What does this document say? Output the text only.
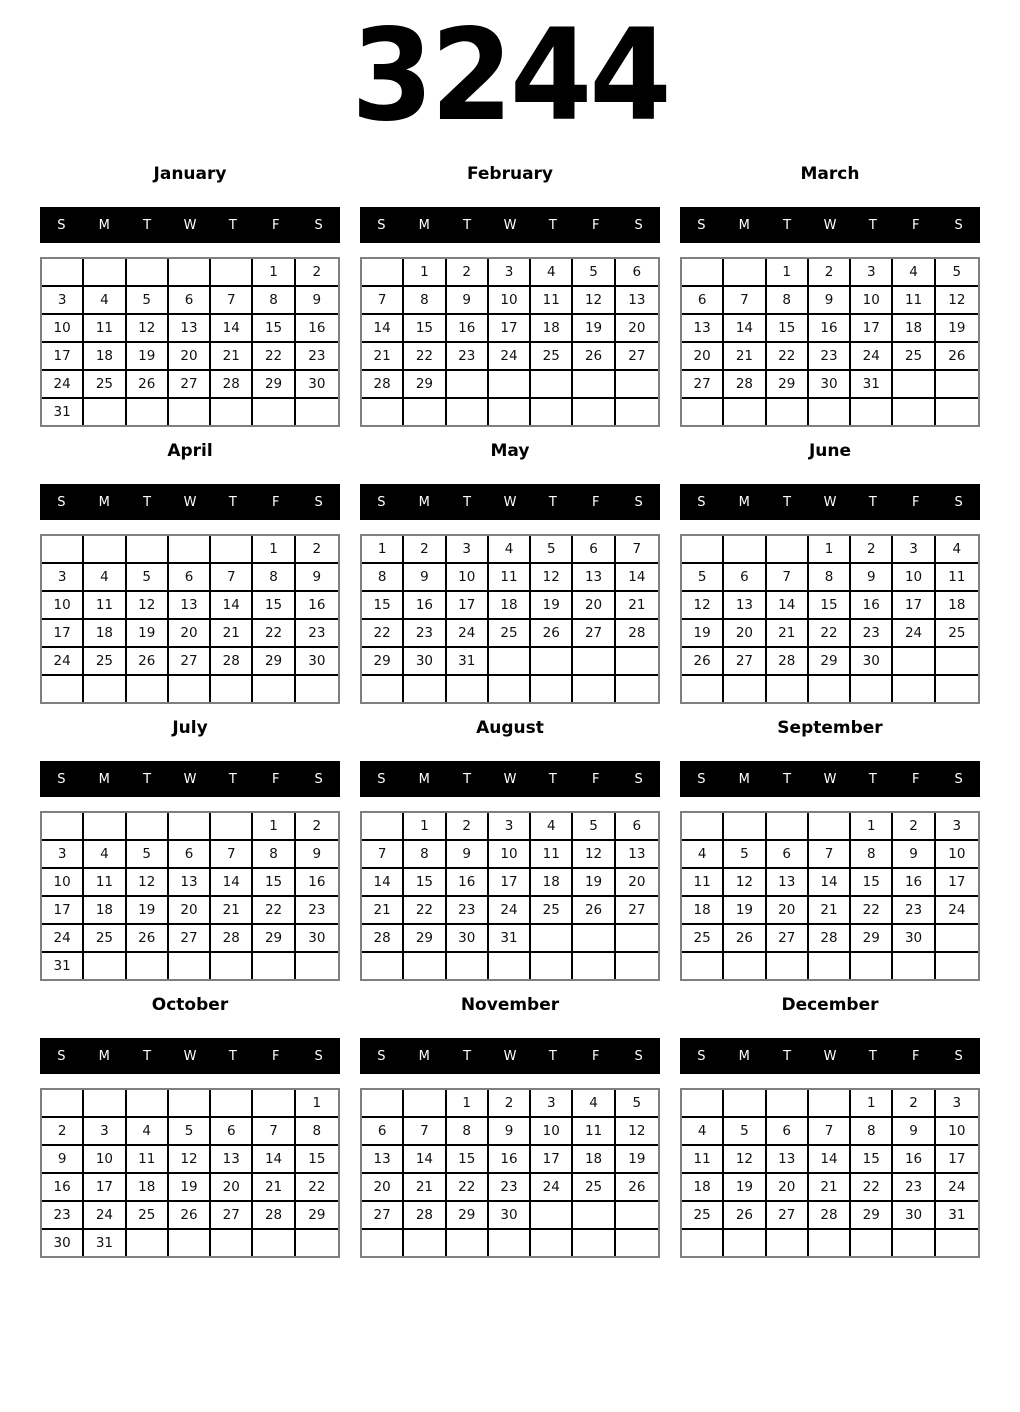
3244
January
S	M	T	W	T	F	S
					1	2
3	4	5	6	7	8	9
10	11	12	13	14	15	16
17	18	19	20	21	22	23
24	25	26	27	28	29	30
31						
February
S	M	T	W	T	F	S
	1	2	3	4	5	6
7	8	9	10	11	12	13
14	15	16	17	18	19	20
21	22	23	24	25	26	27
28	29					

March
S	M	T	W	T	F	S
		1	2	3	4	5
6	7	8	9	10	11	12
13	14	15	16	17	18	19
20	21	22	23	24	25	26
27	28	29	30	31		

April
S	M	T	W	T	F	S
					1	2
3	4	5	6	7	8	9
10	11	12	13	14	15	16
17	18	19	20	21	22	23
24	25	26	27	28	29	30

May
S	M	T	W	T	F	S
1	2	3	4	5	6	7
8	9	10	11	12	13	14
15	16	17	18	19	20	21
22	23	24	25	26	27	28
29	30	31				

June
S	M	T	W	T	F	S
			1	2	3	4
5	6	7	8	9	10	11
12	13	14	15	16	17	18
19	20	21	22	23	24	25
26	27	28	29	30		

July
S	M	T	W	T	F	S
					1	2
3	4	5	6	7	8	9
10	11	12	13	14	15	16
17	18	19	20	21	22	23
24	25	26	27	28	29	30
31						
August
S	M	T	W	T	F	S
	1	2	3	4	5	6
7	8	9	10	11	12	13
14	15	16	17	18	19	20
21	22	23	24	25	26	27
28	29	30	31			

September
S	M	T	W	T	F	S
				1	2	3
4	5	6	7	8	9	10
11	12	13	14	15	16	17
18	19	20	21	22	23	24
25	26	27	28	29	30	

October
S	M	T	W	T	F	S
						1
2	3	4	5	6	7	8
9	10	11	12	13	14	15
16	17	18	19	20	21	22
23	24	25	26	27	28	29
30	31					
November
S	M	T	W	T	F	S
		1	2	3	4	5
6	7	8	9	10	11	12
13	14	15	16	17	18	19
20	21	22	23	24	25	26
27	28	29	30			

December
S	M	T	W	T	F	S
				1	2	3
4	5	6	7	8	9	10
11	12	13	14	15	16	17
18	19	20	21	22	23	24
25	26	27	28	29	30	31
